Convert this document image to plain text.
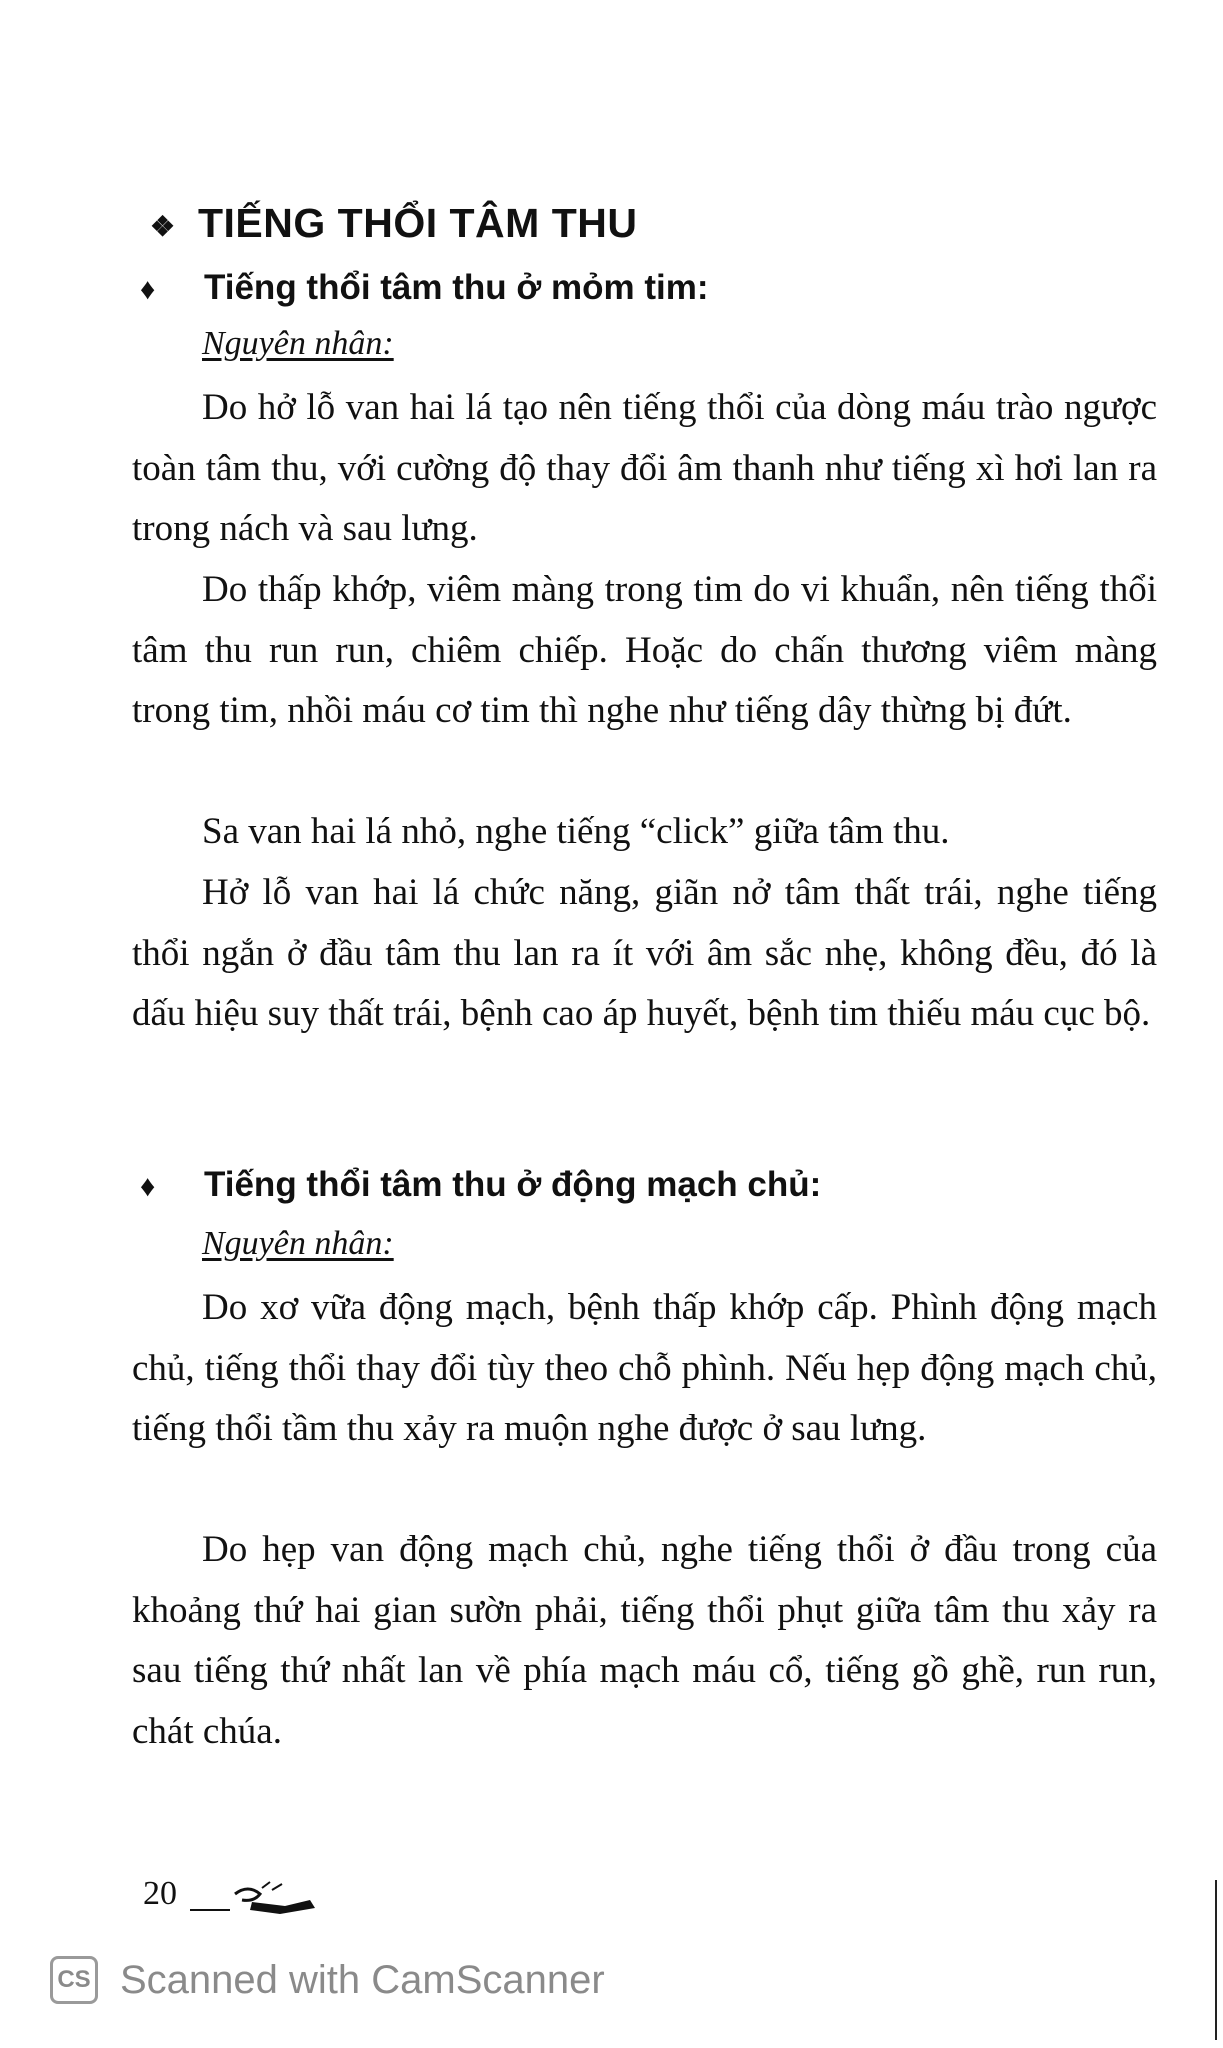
❖ TIẾNG THỔI TÂM THU
♦ Tiếng thổi tâm thu ở mỏm tim:
Nguyên nhân:

Do hở lỗ van hai lá tạo nên tiếng thổi của dòng máu trào ngược toàn tâm thu, với cường độ thay đổi âm thanh như tiếng xì hơi lan ra trong nách và sau lưng.

Do thấp khớp, viêm màng trong tim do vi khuẩn, nên tiếng thổi tâm thu run run, chiêm chiếp. Hoặc do chấn thương viêm màng trong tim, nhồi máu cơ tim thì nghe như tiếng dây thừng bị đứt.

Sa van hai lá nhỏ, nghe tiếng “click” giữa tâm thu.

Hở lỗ van hai lá chức năng, giãn nở tâm thất trái, nghe tiếng thổi ngắn ở đầu tâm thu lan ra ít với âm sắc nhẹ, không đều, đó là dấu hiệu suy thất trái, bệnh cao áp huyết, bệnh tim thiếu máu cục bộ.

♦ Tiếng thổi tâm thu ở động mạch chủ:
Nguyên nhân:

Do xơ vữa động mạch, bệnh thấp khớp cấp. Phình động mạch chủ, tiếng thổi thay đổi tùy theo chỗ phình. Nếu hẹp động mạch chủ, tiếng thổi tầm thu xảy ra muộn nghe được ở sau lưng.

Do hẹp van động mạch chủ, nghe tiếng thổi ở đầu trong của khoảng thứ hai gian sườn phải, tiếng thổi phụt giữa tâm thu xảy ra sau tiếng thứ nhất lan về phía mạch máu cổ, tiếng gồ ghề, run run, chát chúa.

20
CS Scanned with CamScanner
